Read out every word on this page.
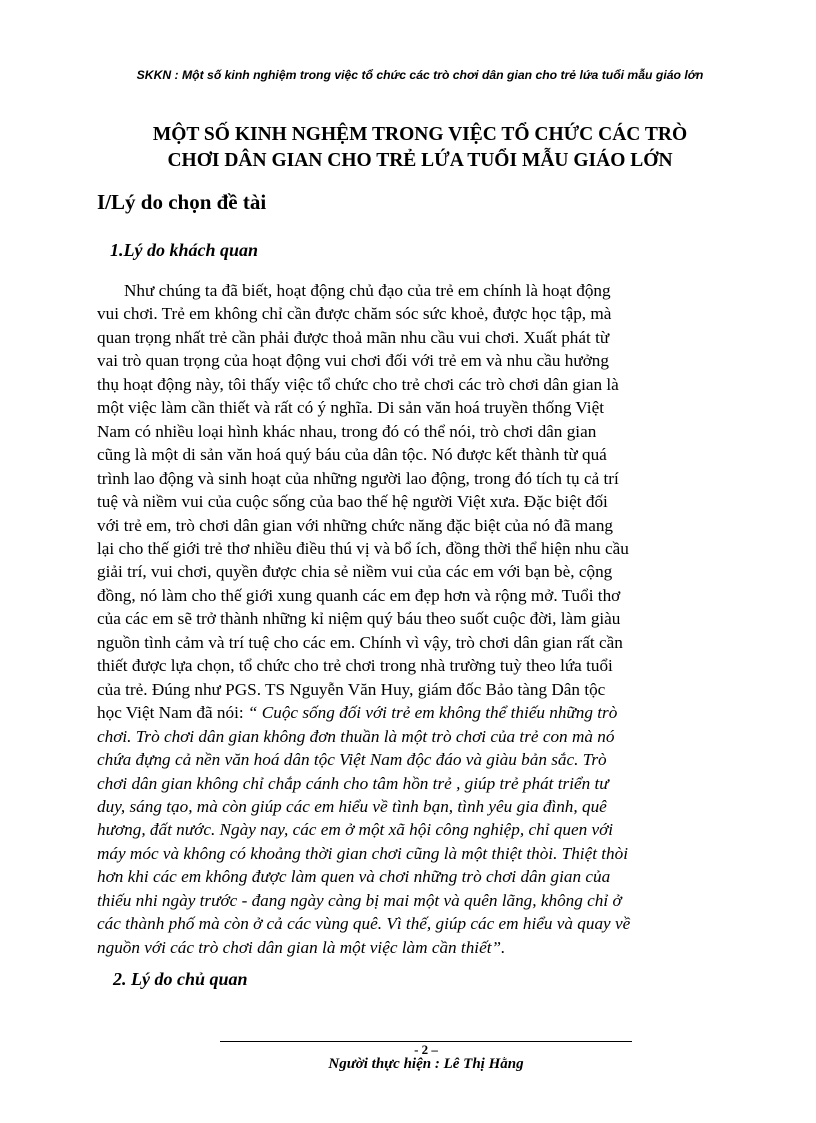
SKKN : Một số kinh nghiệm trong việc tổ chức các trò chơi dân gian cho trẻ lứa tuổi mẫu giáo lớn
MỘT SỐ KINH NGHỆM TRONG VIỆC TỔ CHỨC CÁC TRÒ
CHƠI DÂN GIAN CHO TRẺ LỨA TUỔI MẪU GIÁO LỚN
I/Lý do chọn đề tài
1.Lý do khách quan
Như chúng ta đã biết, hoạt động chủ đạo của trẻ em chính là hoạt động
vui chơi. Trẻ em không chỉ cần được chăm sóc sức khoẻ, được học tập, mà
quan trọng nhất trẻ cần phải được thoả mãn nhu cầu vui chơi. Xuất phát từ
vai trò quan trọng của hoạt động vui chơi đối với trẻ em và nhu cầu hưởng
thụ hoạt động này, tôi thấy việc tổ chức cho trẻ chơi các trò chơi dân gian là
một việc làm cần thiết và rất có ý nghĩa. Di sản văn hoá truyền thống Việt
Nam có nhiều loại hình khác nhau, trong đó có thể nói, trò chơi dân gian
cũng là một di sản văn hoá quý báu của dân tộc. Nó được kết thành từ quá
trình lao động và sinh hoạt của những người lao động, trong đó tích tụ cả trí
tuệ và niềm vui của cuộc sống của bao thế hệ người Việt xưa. Đặc biệt đối
với trẻ em, trò chơi dân gian với những chức năng đặc biệt của nó đã mang
lại cho thế giới trẻ thơ nhiều điều thú vị và bổ ích, đồng thời thể hiện nhu cầu
giải trí, vui chơi, quyền được chia sẻ niềm vui của các em với bạn bè, cộng
đồng, nó làm cho thế giới xung quanh các em đẹp hơn và rộng mở. Tuổi thơ
của các em sẽ trở thành những kỉ niệm quý báu theo suốt cuộc đời, làm giàu
nguồn tình cảm và trí tuệ cho các em. Chính vì vậy, trò chơi dân gian rất cần
thiết được lựa chọn, tổ chức cho trẻ chơi trong nhà trường tuỳ theo lứa tuổi
của trẻ. Đúng như PGS. TS Nguyễn Văn Huy, giám đốc Bảo tàng Dân tộc
học Việt Nam đã nói: “ Cuộc sống đối với trẻ em không thể thiếu những trò
chơi. Trò chơi dân gian không đơn thuần là một trò chơi của trẻ con mà nó
chứa đựng cả nền văn hoá dân tộc Việt Nam độc đáo và giàu bản sắc. Trò
chơi dân gian không chỉ chắp cánh cho tâm hồn trẻ , giúp trẻ phát triển tư
duy, sáng tạo, mà còn giúp các em hiểu về tình bạn, tình yêu gia đình, quê
hương, đất nước. Ngày nay, các em ở một xã hội công nghiệp, chỉ quen với
máy móc và không có khoảng thời gian chơi cũng là một thiệt thòi. Thiệt thòi
hơn khi các em không được làm quen và chơi những trò chơi dân gian của
thiếu nhi ngày trước - đang ngày càng bị mai một và quên lãng, không chỉ ở
các thành phố mà còn ở cả các vùng quê. Vì thế, giúp các em hiểu và quay về
nguồn với các trò chơi dân gian là một việc làm cần thiết”.
2. Lý do chủ quan
- 2 –
Người thực hiện : Lê Thị Hằng
